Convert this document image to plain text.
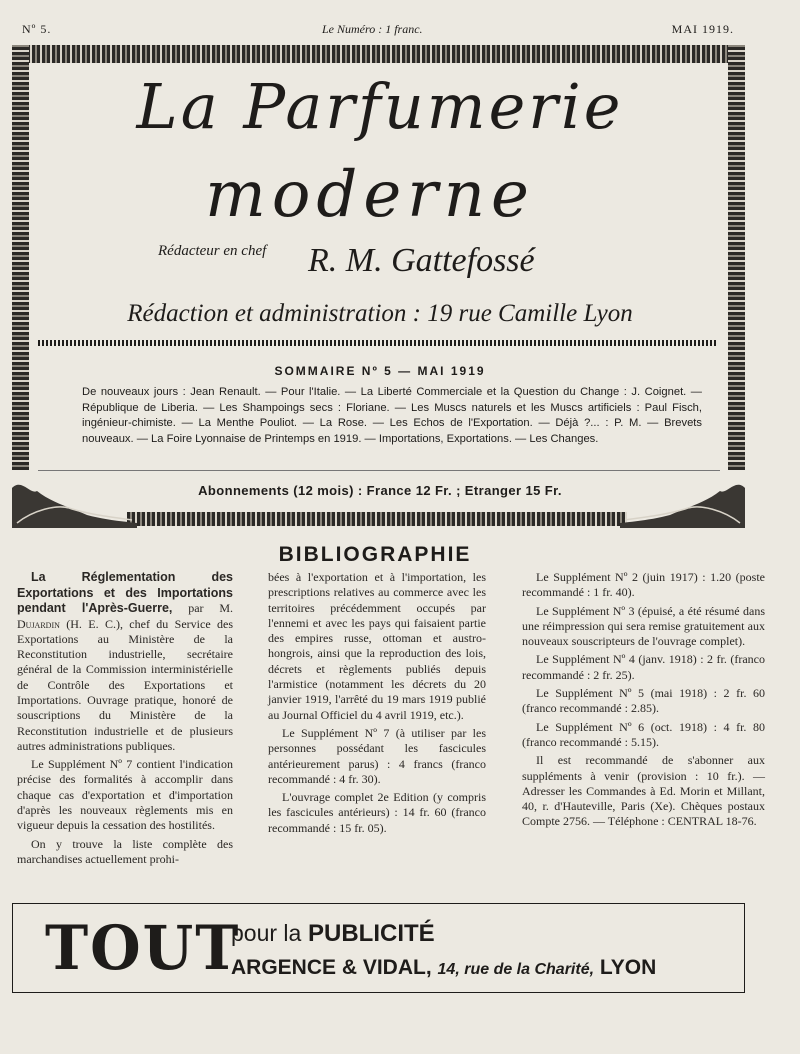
Nº 5.	Le Numéro : 1 franc.	MAI 1919.
La Parfumerie
moderne
Rédacteur en chef	R. M. Gattefossé
Rédaction et administration : 19 rue Camille Lyon
SOMMAIRE Nº 5 — MAI 1919
De nouveaux jours : Jean Renault. — Pour l'Italie. — La Liberté Commerciale et la Question du Change : J. Coignet. — République de Liberia. — Les Shampoings secs : Floriane. — Les Muscs naturels et les Muscs artificiels : Paul Fisch, ingénieur-chimiste. — La Menthe Pouliot. — La Rose. — Les Echos de l'Exportation. — Déjà ?... : P. M. — Brevets nouveaux. — La Foire Lyonnaise de Printemps en 1919. — Importations, Exportations. — Les Changes.
Abonnements (12 mois) : France 12 Fr. ; Etranger 15 Fr.
BIBLIOGRAPHIE

La Réglementation des Exportations et des Importations pendant l'Après-Guerre, par M. Dujardin (H. E. C.), chef du Service des Exportations au Ministère de la Reconstitution industrielle, secrétaire général de la Commission interministérielle de Contrôle des Exportations et Importations. Ouvrage pratique, honoré de souscriptions du Ministère de la Reconstitution industrielle et de plusieurs autres administrations publiques.

Le Supplément Nº 7 contient l'indication précise des formalités à accomplir dans chaque cas d'exportation et d'importation d'après les nouveaux règlements mis en vigueur depuis la cessation des hostilités.

On y trouve la liste complète des marchandises actuellement prohi-

bées à l'exportation et à l'importation, les prescriptions relatives au commerce avec les territoires précédemment occupés par l'ennemi et avec les pays qui faisaient partie des empires russe, ottoman et austro-hongrois, ainsi que la reproduction des lois, décrets et règlements publiés depuis l'armistice (notamment les décrets du 20 janvier 1919, l'arrêté du 19 mars 1919 publié au Journal Officiel du 4 avril 1919, etc.).

Le Supplément Nº 7 (à utiliser par les personnes possédant les fascicules antérieurement parus) : 4 francs (franco recommandé : 4 fr. 30).

L'ouvrage complet 2e Edition (y compris les fascicules antérieurs) : 14 fr. 60 (franco recommandé : 15 fr. 05).

Le Supplément Nº 2 (juin 1917) : 1.20 (poste recommandé : 1 fr. 40).

Le Supplément Nº 3 (épuisé, a été résumé dans une réimpression qui sera remise gratuitement aux nouveaux souscripteurs de l'ouvrage complet).

Le Supplément Nº 4 (janv. 1918) : 2 fr. (franco recommandé : 2 fr. 25).

Le Supplément Nº 5 (mai 1918) : 2 fr. 60 (franco recommandé : 2.85).

Le Supplément Nº 6 (oct. 1918) : 4 fr. 80 (franco recommandé : 5.15).

Il est recommandé de s'abonner aux suppléments à venir (provision : 10 fr.). — Adresser les Commandes à Ed. Morin et Millant, 40, r. d'Hauteville, Paris (Xe). Chèques postaux Compte 2756. — Téléphone : CENTRAL 18-76.

TOUT
pour la PUBLICITÉ
ARGENCE & VIDAL, 14, rue de la Charité, LYON
